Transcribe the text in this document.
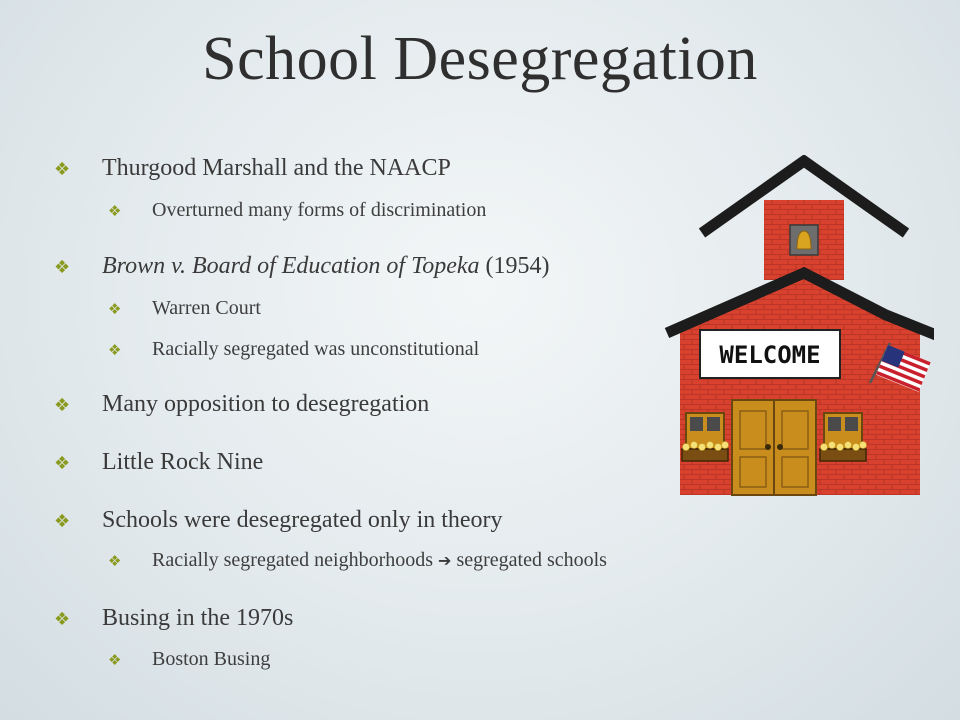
School Desegregation
❖ Thurgood Marshall and the NAACP
❖ Overturned many forms of discrimination
❖ Brown v. Board of Education of Topeka (1954)
❖ Warren Court
❖ Racially segregated was unconstitutional
❖ Many opposition to desegregation
❖ Little Rock Nine
❖ Schools were desegregated only in theory
❖ Racially segregated neighborhoods ➔ segregated schools
❖ Busing in the 1970s
❖ Boston Busing
WELCOME
